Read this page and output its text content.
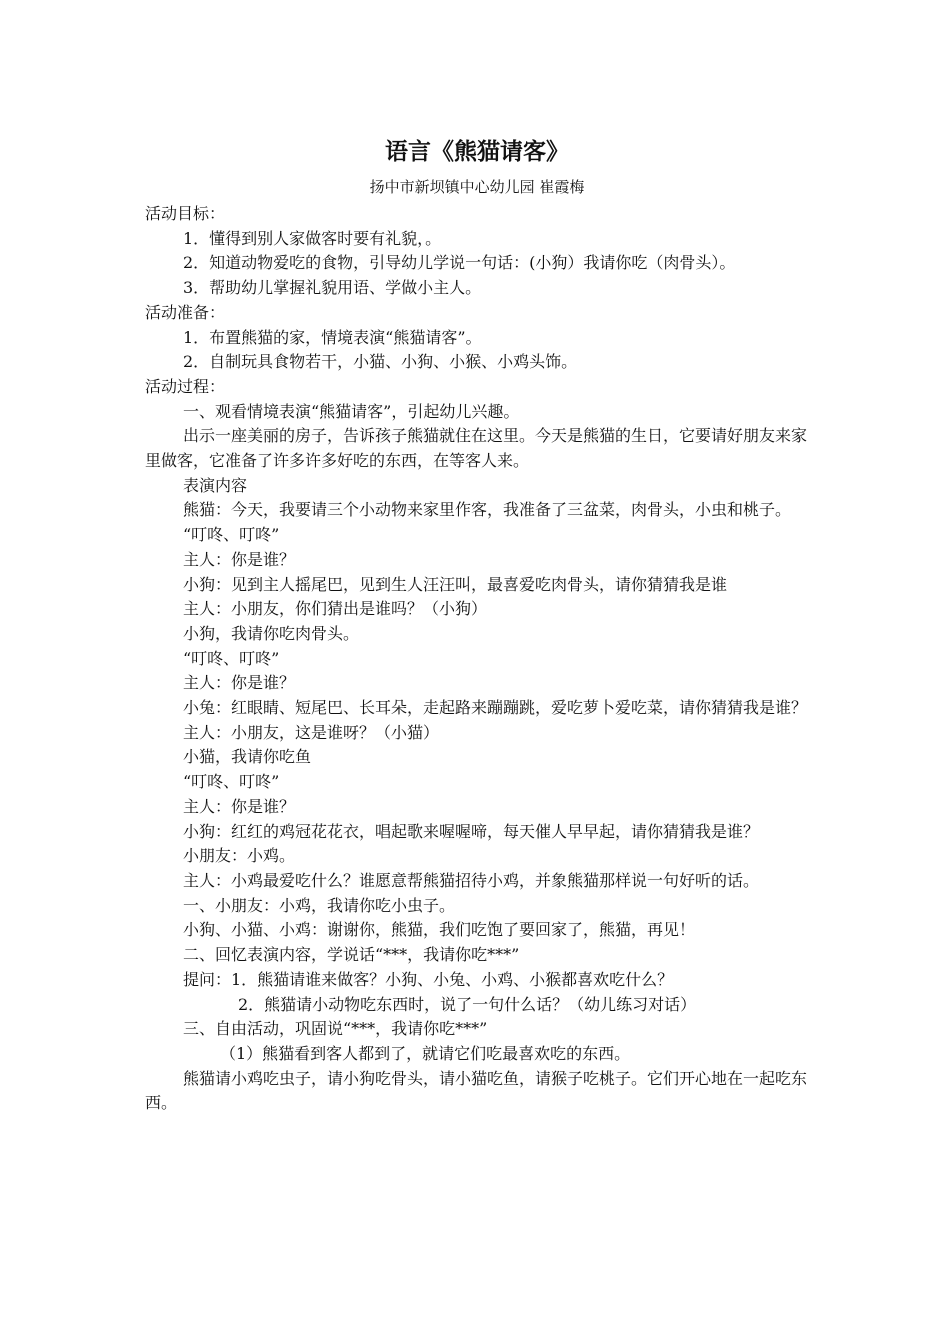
语言《熊猫请客》
扬中市新坝镇中心幼儿园 崔霞梅

活动目标：

1．懂得到别人家做客时要有礼貌，。

2．知道动物爱吃的食物，引导幼儿学说一句话：(小狗）我请你吃（肉骨头）。

3．帮助幼儿掌握礼貌用语、学做小主人。

活动准备：

1．布置熊猫的家，情境表演“熊猫请客”。

2．自制玩具食物若干，小猫、小狗、小猴、小鸡头饰。

活动过程：

一、观看情境表演“熊猫请客”，引起幼儿兴趣。

出示一座美丽的房子，告诉孩子熊猫就住在这里。今天是熊猫的生日，它要请好朋友来家里做客，它准备了许多许多好吃的东西，在等客人来。

表演内容

熊猫：今天，我要请三个小动物来家里作客，我准备了三盆菜，肉骨头，小虫和桃子。

“叮咚、叮咚”

主人：你是谁？

小狗：见到主人摇尾巴，见到生人汪汪叫，最喜爱吃肉骨头，请你猜猜我是谁

主人：小朋友，你们猜出是谁吗？（小狗）

小狗，我请你吃肉骨头。

“叮咚、叮咚”

主人：你是谁？

小兔：红眼睛、短尾巴、长耳朵，走起路来蹦蹦跳，爱吃萝卜爱吃菜，请你猜猜我是谁？

主人：小朋友，这是谁呀？（小猫）

小猫，我请你吃鱼

“叮咚、叮咚”

主人：你是谁？

小狗：红红的鸡冠花花衣，唱起歌来喔喔啼，每天催人早早起，请你猜猜我是谁？

小朋友：小鸡。

主人：小鸡最爱吃什么？谁愿意帮熊猫招待小鸡，并象熊猫那样说一句好听的话。

一、小朋友：小鸡，我请你吃小虫子。

小狗、小猫、小鸡：谢谢你，熊猫，我们吃饱了要回家了，熊猫，再见！

二、回忆表演内容，学说话“***，我请你吃***”

提问：1．熊猫请谁来做客？小狗、小兔、小鸡、小猴都喜欢吃什么？

2．熊猫请小动物吃东西时，说了一句什么话？（幼儿练习对话）

三、自由活动，巩固说“***，我请你吃***”

（1）熊猫看到客人都到了，就请它们吃最喜欢吃的东西。

熊猫请小鸡吃虫子，请小狗吃骨头，请小猫吃鱼，请猴子吃桃子。它们开心地在一起吃东西。
